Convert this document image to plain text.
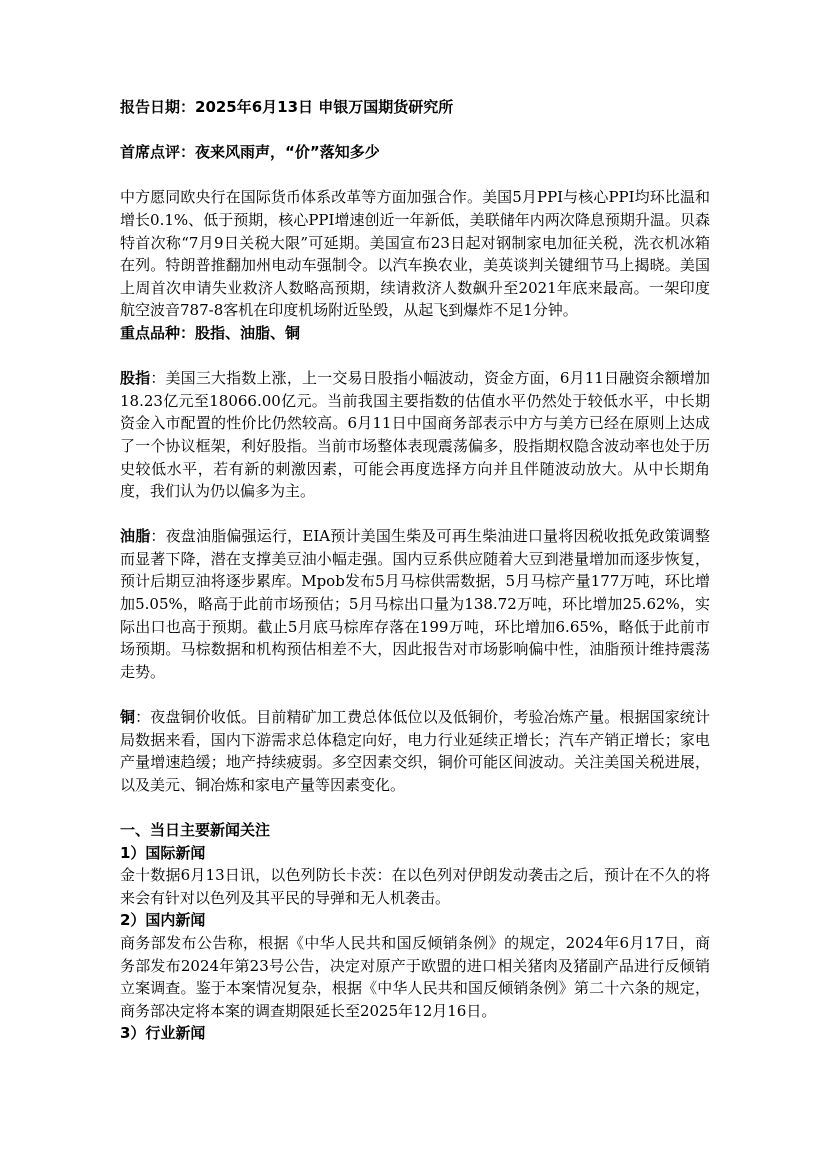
报告日期：2025年6月13日 申银万国期货研究所

首席点评：夜来风雨声，“价”落知多少

中方愿同欧央行在国际货币体系改革等方面加强合作。美国5月PPI与核心PPI均环比温和增长0.1%、低于预期，核心PPI增速创近一年新低，美联储年内两次降息预期升温。贝森特首次称“7月9日关税大限”可延期。美国宣布23日起对钢制家电加征关税，洗衣机冰箱在列。特朗普推翻加州电动车强制令。以汽车换农业，美英谈判关键细节马上揭晓。美国上周首次申请失业救济人数略高预期，续请救济人数飙升至2021年底来最高。一架印度航空波音787-8客机在印度机场附近坠毁，从起飞到爆炸不足1分钟。

重点品种：股指、油脂、铜

股指：美国三大指数上涨，上一交易日股指小幅波动，资金方面，6月11日融资余额增加18.23亿元至18066.00亿元。当前我国主要指数的估值水平仍然处于较低水平，中长期资金入市配置的性价比仍然较高。6月11日中国商务部表示中方与美方已经在原则上达成了一个协议框架，利好股指。当前市场整体表现震荡偏多，股指期权隐含波动率也处于历史较低水平，若有新的刺激因素，可能会再度选择方向并且伴随波动放大。从中长期角度，我们认为仍以偏多为主。

油脂：夜盘油脂偏强运行，EIA预计美国生柴及可再生柴油进口量将因税收抵免政策调整而显著下降，潜在支撑美豆油小幅走强。国内豆系供应随着大豆到港量增加而逐步恢复，预计后期豆油将逐步累库。Mpob发布5月马棕供需数据，5月马棕产量177万吨，环比增加5.05%，略高于此前市场预估；5月马棕出口量为138.72万吨，环比增加25.62%，实际出口也高于预期。截止5月底马棕库存落在199万吨，环比增加6.65%，略低于此前市场预期。马棕数据和机构预估相差不大，因此报告对市场影响偏中性，油脂预计维持震荡走势。

铜：夜盘铜价收低。目前精矿加工费总体低位以及低铜价，考验冶炼产量。根据国家统计局数据来看，国内下游需求总体稳定向好，电力行业延续正增长；汽车产销正增长；家电产量增速趋缓；地产持续疲弱。多空因素交织，铜价可能区间波动。关注美国关税进展，以及美元、铜冶炼和家电产量等因素变化。

一、当日主要新闻关注

1）国际新闻

金十数据6月13日讯，以色列防长卡茨：在以色列对伊朗发动袭击之后，预计在不久的将来会有针对以色列及其平民的导弹和无人机袭击。

2）国内新闻

商务部发布公告称，根据《中华人民共和国反倾销条例》的规定，2024年6月17日，商务部发布2024年第23号公告，决定对原产于欧盟的进口相关猪肉及猪副产品进行反倾销立案调查。鉴于本案情况复杂，根据《中华人民共和国反倾销条例》第二十六条的规定，商务部决定将本案的调查期限延长至2025年12月16日。

3）行业新闻
